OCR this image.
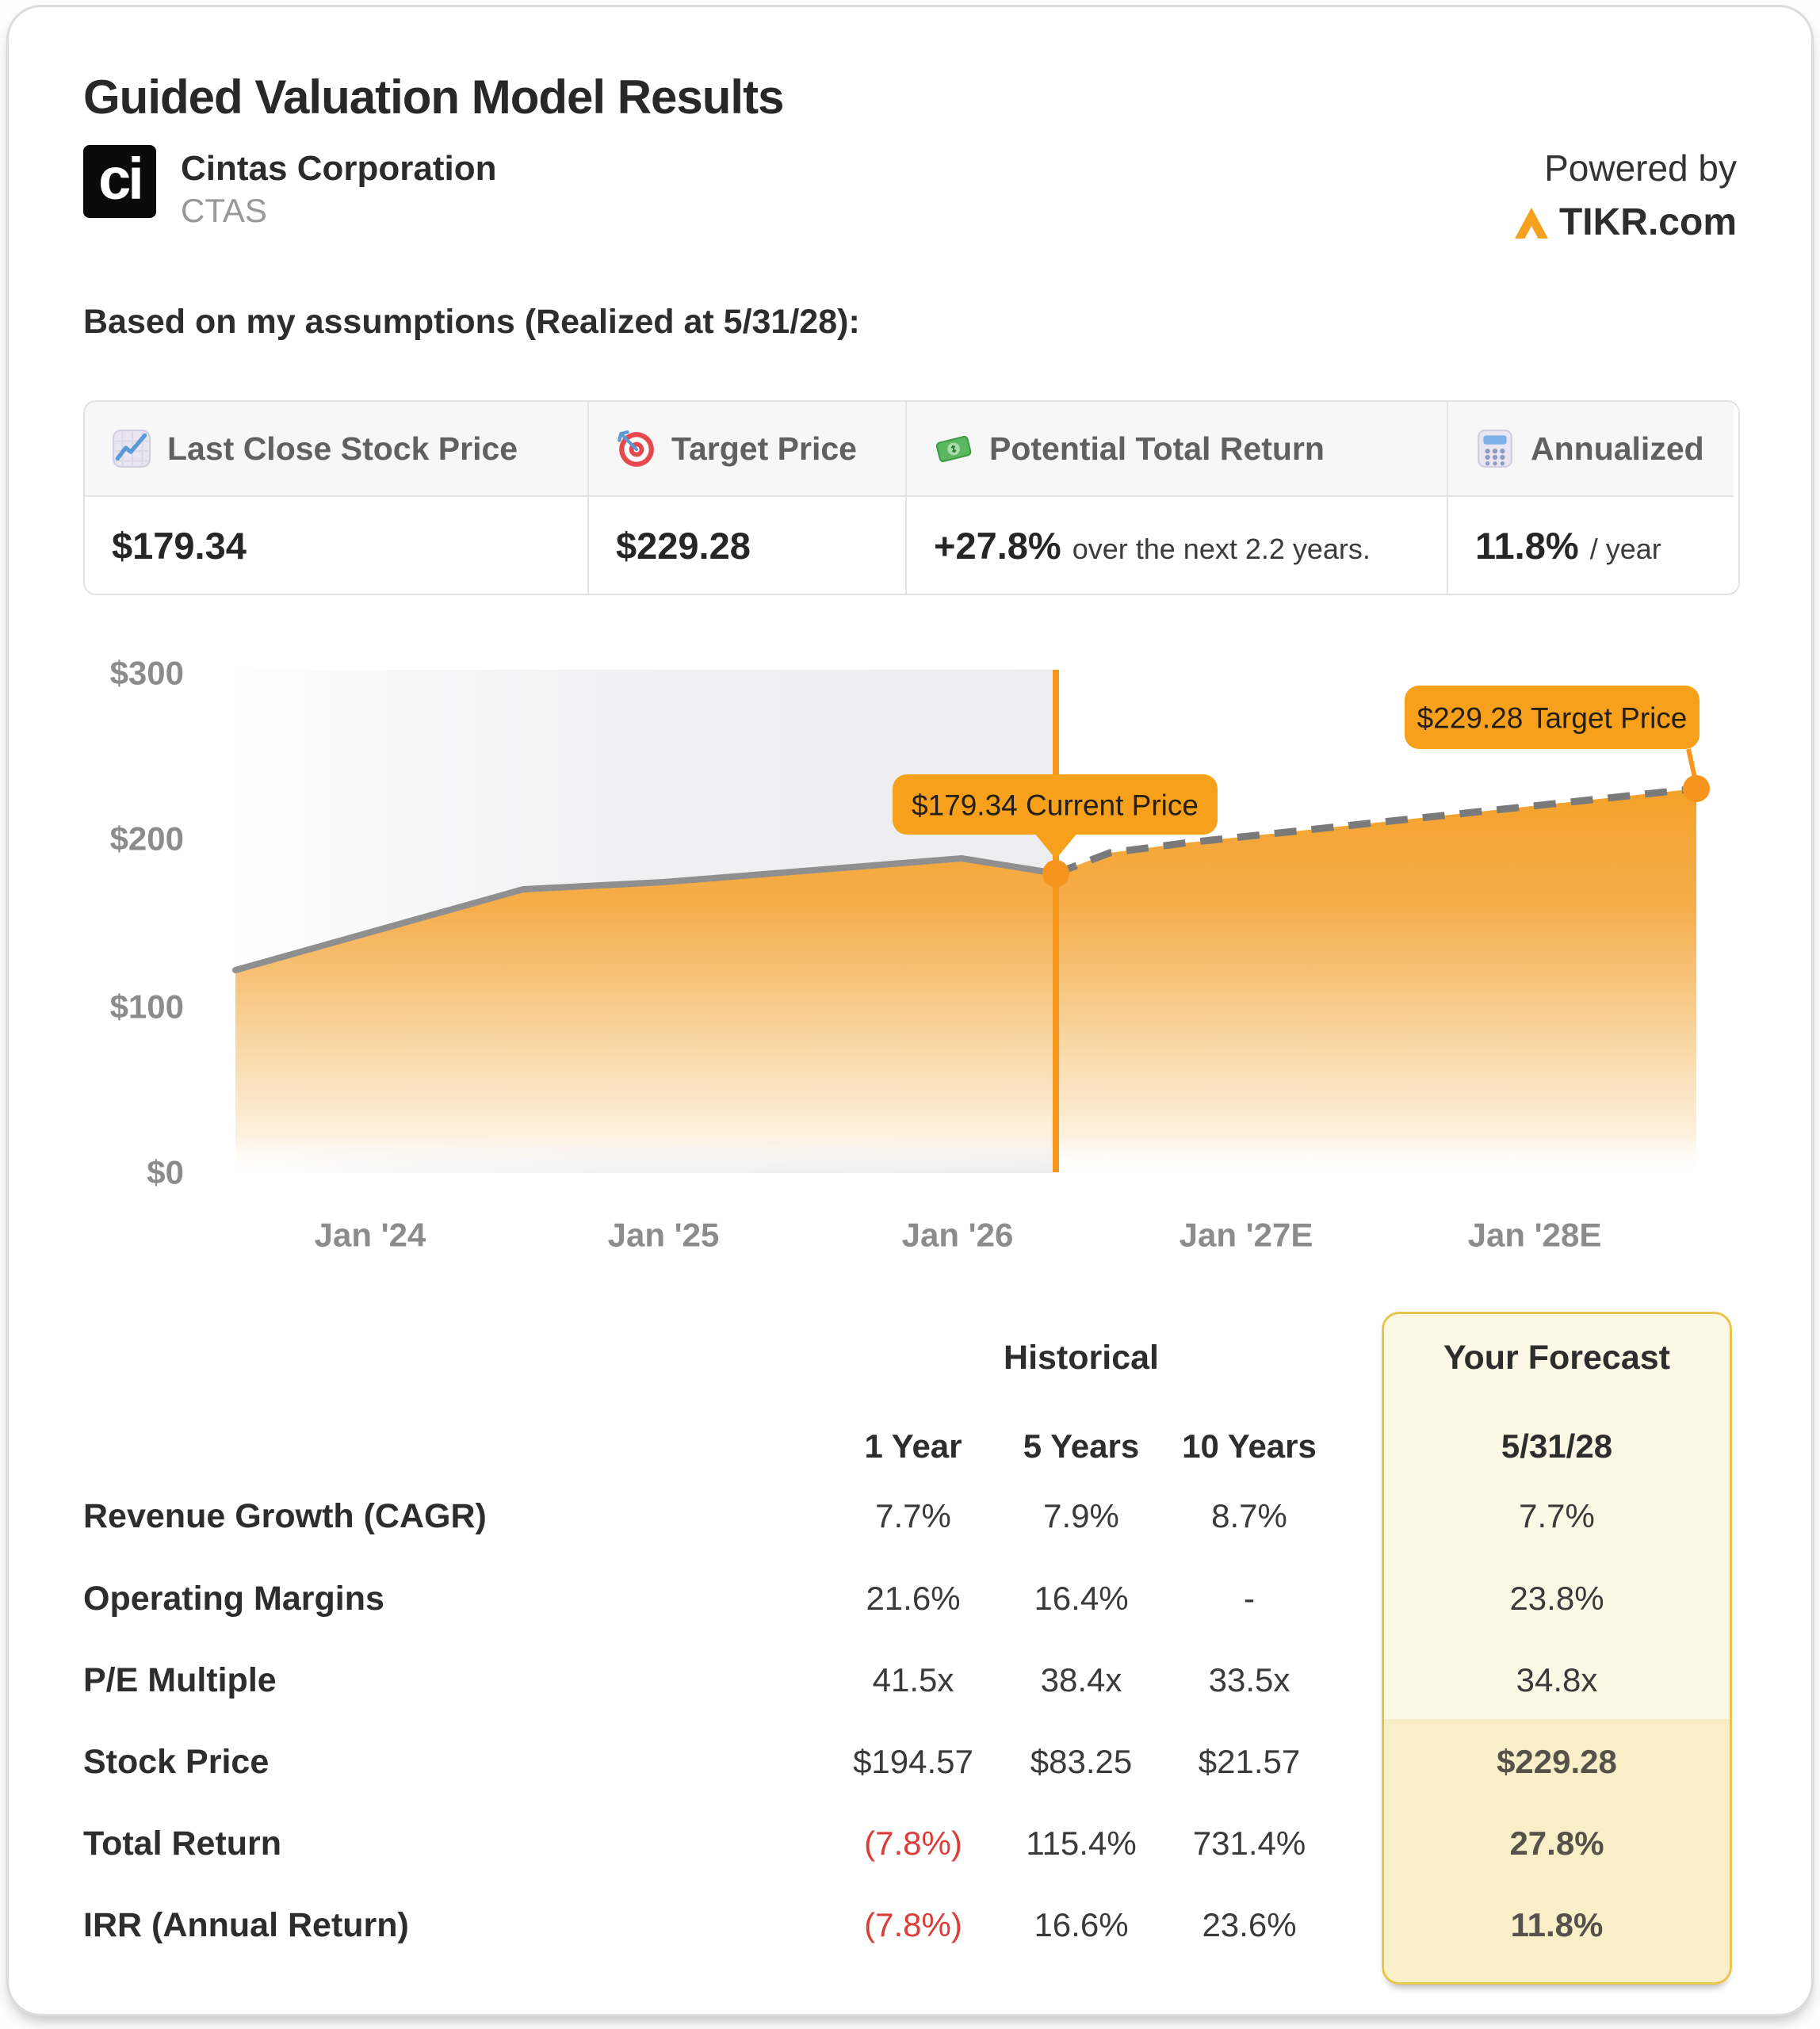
Guided Valuation Model Results
ci	Cintas Corporation
CTAS
Powered by
TIKR.com
Based on my assumptions (Realized at 5/31/28):
Last Close Stock Price	Target Price	Potential Total Return	Annualized
$179.34	$229.28	+27.8% over the next 2.2 years.	11.8% / year
$179.34 Current Price
$229.28 Target Price
$300
$200
$100
$0
Jan '24	Jan '25	Jan '26	Jan '27E	Jan '28E
Historical	Your Forecast
1 Year	5 Years	10 Years	5/31/28
Revenue Growth (CAGR)	7.7%	7.9%	8.7%	7.7%
Operating Margins	21.6%	16.4%	-	23.8%
P/E Multiple	41.5x	38.4x	33.5x	34.8x
Stock Price	$194.57	$83.25	$21.57	$229.28
Total Return	(7.8%)	115.4%	731.4%	27.8%
IRR (Annual Return)	(7.8%)	16.6%	23.6%	11.8%
